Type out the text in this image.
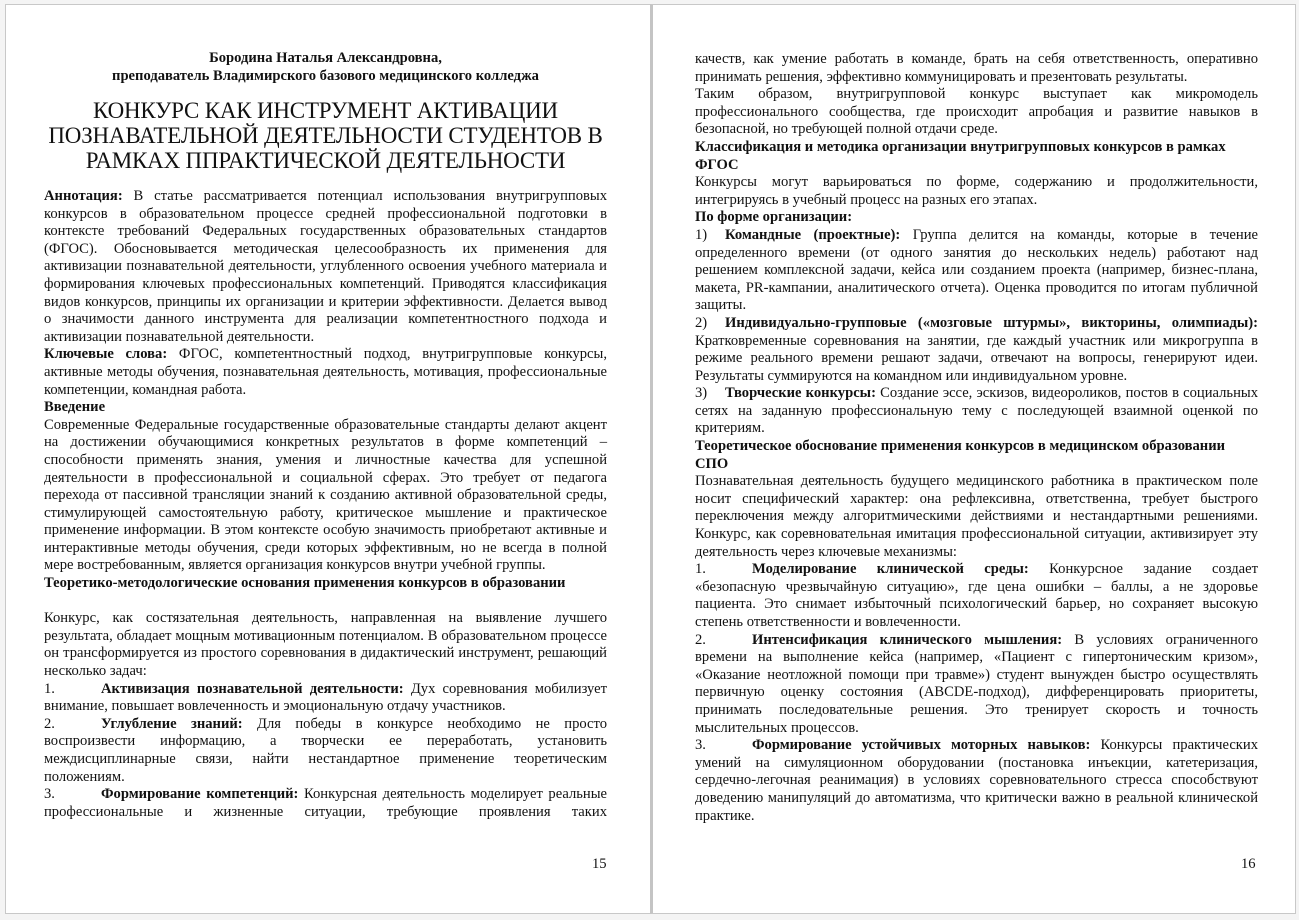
Бородина Наталья Александровна,
преподаватель Владимирского базового медицинского колледжа
КОНКУРС КАК ИНСТРУМЕНТ АКТИВАЦИИ
ПОЗНАВАТЕЛЬНОЙ ДЕЯТЕЛЬНОСТИ СТУДЕНТОВ В
РАМКАХ ППРАКТИЧЕСКОЙ ДЕЯТЕЛЬНОСТИ

Аннотация: В статье рассматривается потенциал использования внутригрупповых конкурсов в образовательном процессе средней профессиональной подготовки в контексте требований Федеральных государственных образовательных стандартов (ФГОС). Обосновывается методическая целесообразность их применения для активизации познавательной деятельности, углубленного освоения учебного материала и формирования ключевых профессиональных компетенций. Приводятся классификация видов конкурсов, принципы их организации и критерии эффективности. Делается вывод о значимости данного инструмента для реализации компетентностного подхода и активизации познавательной деятельности.

Ключевые слова: ФГОС, компетентностный подход, внутригрупповые конкурсы, активные методы обучения, познавательная деятельность, мотивация, профессиональные компетенции, командная работа.

Введение

Современные Федеральные государственные образовательные стандарты делают акцент на достижении обучающимися конкретных результатов в форме компетенций – способности применять знания, умения и личностные качества для успешной деятельности в профессиональной и социальной сферах. Это требует от педагога перехода от пассивной трансляции знаний к созданию активной образовательной среды, стимулирующей самостоятельную работу, критическое мышление и практическое применение информации. В этом контексте особую значимость приобретают активные и интерактивные методы обучения, среди которых эффективным, но не всегда в полной мере востребованным, является организация конкурсов внутри учебной группы.

Теоретико-методологические основания применения конкурсов в образовании

Конкурс, как состязательная деятельность, направленная на выявление лучшего результата, обладает мощным мотивационным потенциалом. В образовательном процессе он трансформируется из простого соревнования в дидактический инструмент, решающий несколько задач:

1.	Активизация познавательной деятельности: Дух соревнования мобилизует внимание, повышает вовлеченность и эмоциональную отдачу участников.

2.	Углубление знаний: Для победы в конкурсе необходимо не просто воспроизвести информацию, а творчески ее переработать, установить междисциплинарные связи, найти нестандартное применение теоретическим положениям.

3.	Формирование компетенций: Конкурсная деятельность моделирует реальные профессиональные и жизненные ситуации, требующие проявления таких

15

качеств, как умение работать в команде, брать на себя ответственность, оперативно принимать решения, эффективно коммуницировать и презентовать результаты.

Таким образом, внутригрупповой конкурс выступает как микромодель профессионального сообщества, где происходит апробация и развитие навыков в безопасной, но требующей полной отдачи среде.

Классификация и методика организации внутригрупповых конкурсов в рамках ФГОС

Конкурсы могут варьироваться по форме, содержанию и продолжительности, интегрируясь в учебный процесс на разных его этапах.

По форме организации:

1) Командные (проектные): Группа делится на команды, которые в течение определенного времени (от одного занятия до нескольких недель) работают над решением комплексной задачи, кейса или созданием проекта (например, бизнес-плана, макета, PR-кампании, аналитического отчета). Оценка проводится по итогам публичной защиты.

2) Индивидуально-групповые («мозговые штурмы», викторины, олимпиады): Кратковременные соревнования на занятии, где каждый участник или микрогруппа в режиме реального времени решают задачи, отвечают на вопросы, генерируют идеи. Результаты суммируются на командном или индивидуальном уровне.

3) Творческие конкурсы: Создание эссе, эскизов, видеороликов, постов в социальных сетях на заданную профессиональную тему с последующей взаимной оценкой по критериям.

Теоретическое обоснование применения конкурсов в медицинском образовании СПО

Познавательная деятельность будущего медицинского работника в практическом поле носит специфический характер: она рефлексивна, ответственна, требует быстрого переключения между алгоритмическими действиями и нестандартными решениями. Конкурс, как соревновательная имитация профессиональной ситуации, активизирует эту деятельность через ключевые механизмы:

1.	Моделирование клинической среды: Конкурсное задание создает «безопасную чрезвычайную ситуацию», где цена ошибки – баллы, а не здоровье пациента. Это снимает избыточный психологический барьер, но сохраняет высокую степень ответственности и вовлеченности.

2.	Интенсификация клинического мышления: В условиях ограниченного времени на выполнение кейса (например, «Пациент с гипертоническим кризом», «Оказание неотложной помощи при травме») студент вынужден быстро осуществлять первичную оценку состояния (ABCDE-подход), дифференцировать приоритеты, принимать последовательные решения. Это тренирует скорость и точность мыслительных процессов.

3.	Формирование устойчивых моторных навыков: Конкурсы практических умений на симуляционном оборудовании (постановка инъекции, катетеризация, сердечно-легочная реанимация) в условиях соревновательного стресса способствуют доведению манипуляций до автоматизма, что критически важно в реальной клинической практике.

16
